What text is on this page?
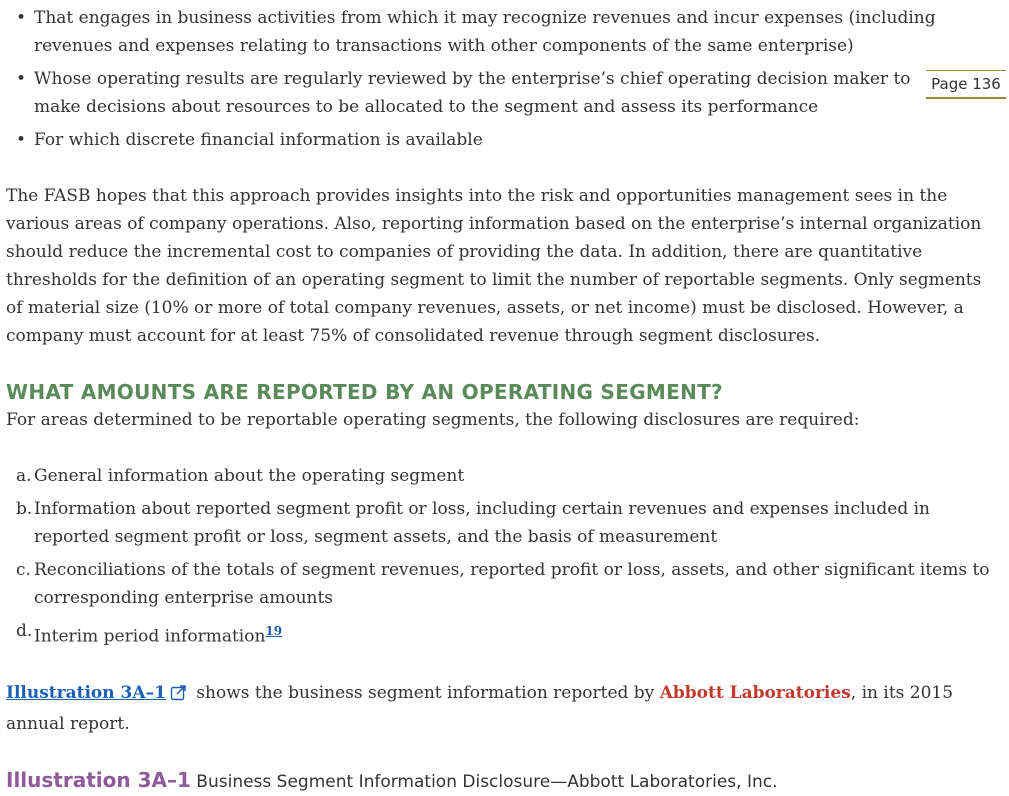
Page 136
• That engages in business activities from which it may recognize revenues and incur expenses (including revenues and expenses relating to transactions with other components of the same enterprise)
• Whose operating results are regularly reviewed by the enterprise’s chief operating decision maker to make decisions about resources to be allocated to the segment and assess its performance
• For which discrete financial information is available

The FASB hopes that this approach provides insights into the risk and opportunities management sees in the various areas of company operations. Also, reporting information based on the enterprise’s internal organization should reduce the incremental cost to companies of providing the data. In addition, there are quantitative thresholds for the definition of an operating segment to limit the number of reportable segments. Only segments of material size (10% or more of total company revenues, assets, or net income) must be disclosed. However, a company must account for at least 75% of consolidated revenue through segment disclosures.

WHAT AMOUNTS ARE REPORTED BY AN OPERATING SEGMENT?

For areas determined to be reportable operating segments, the following disclosures are required:

a. General information about the operating segment
b. Information about reported segment profit or loss, including certain revenues and expenses included in reported segment profit or loss, segment assets, and the basis of measurement
c. Reconciliations of the totals of segment revenues, reported profit or loss, assets, and other significant items to corresponding enterprise amounts
d. Interim period information$^{19}$

Illustration 3A–1 shows the business segment information reported by Abbott Laboratories, in its 2015 annual report.

Illustration 3A–1 Business Segment Information Disclosure—Abbott Laboratories, Inc.
